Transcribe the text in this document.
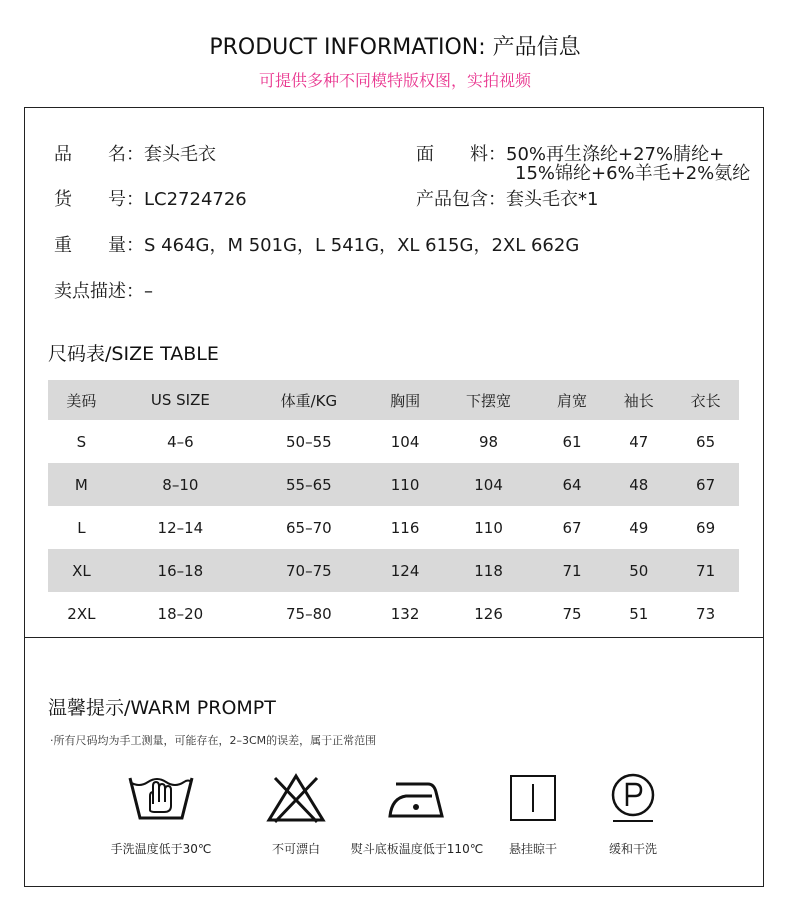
PRODUCT INFORMATION: 产品信息
可提供多种不同模特版权图，实拍视频
品　　名：套头毛衣	面　　料：50%再生涤纶+27%腈纶+
15%锦纶+6%羊毛+2%氨纶
货　　号：LC2724726	产品包含：套头毛衣*1
重　　量：S 464G，M 501G，L 541G，XL 615G，2XL 662G
卖点描述：–
尺码表/SIZE TABLE
美码	US SIZE	体重/KG	胸围	下摆宽	肩宽	袖长	衣长
S	4–6	50–55	104	98	61	47	65
M	8–10	55–65	110	104	64	48	67
L	12–14	65–70	116	110	67	49	69
XL	16–18	70–75	124	118	71	50	71
2XL	18–20	75–80	132	126	75	51	73
温馨提示/WARM PROMPT
·所有尺码均为手工测量，可能存在，2–3CM的误差，属于正常范围
手洗温度低于30℃	不可漂白	熨斗底板温度低于110℃	悬挂晾干	缓和干洗
